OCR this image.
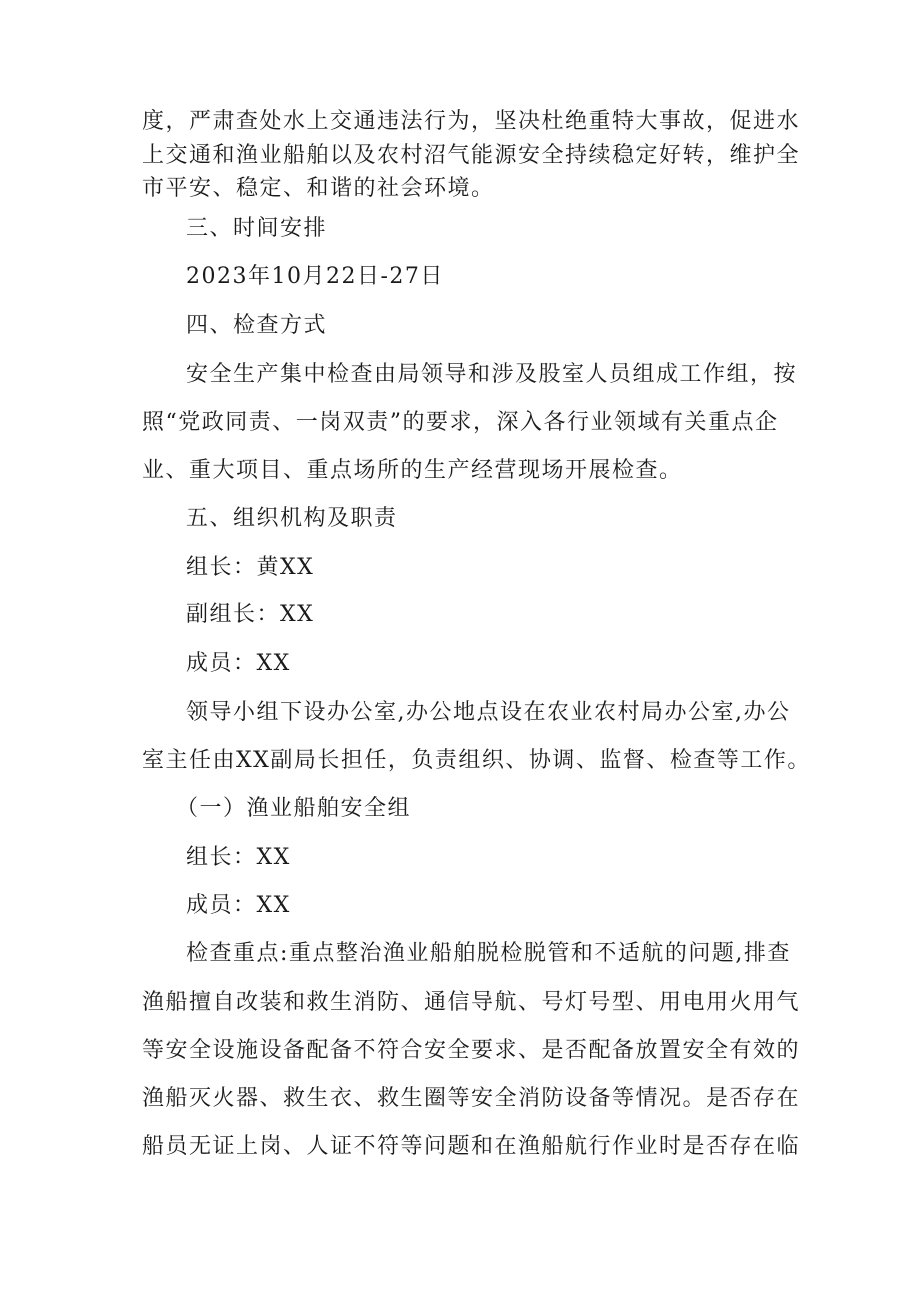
度，严肃查处水上交通违法行为，坚决杜绝重特大事故，促进水
上交通和渔业船舶以及农村沼气能源安全持续稳定好转，维护全
市平安、稳定、和谐的社会环境。
三、时间安排
2023年10月22日-27日
四、检查方式
安全生产集中检查由局领导和涉及股室人员组成工作组，按
照“党政同责、一岗双责”的要求，深入各行业领域有关重点企
业、重大项目、重点场所的生产经营现场开展检查。
五、组织机构及职责
组长：黄XX
副组长：XX
成员：XX
领导小组下设办公室,办公地点设在农业农村局办公室,办公
室主任由XX副局长担任，负责组织、协调、监督、检查等工作。
（一）渔业船舶安全组
组长：XX
成员：XX
检查重点:重点整治渔业船舶脱检脱管和不适航的问题,排查
渔船擅自改装和救生消防、通信导航、号灯号型、用电用火用气
等安全设施设备配备不符合安全要求、是否配备放置安全有效的
渔船灭火器、救生衣、救生圈等安全消防设备等情况。是否存在
船员无证上岗、人证不符等问题和在渔船航行作业时是否存在临
